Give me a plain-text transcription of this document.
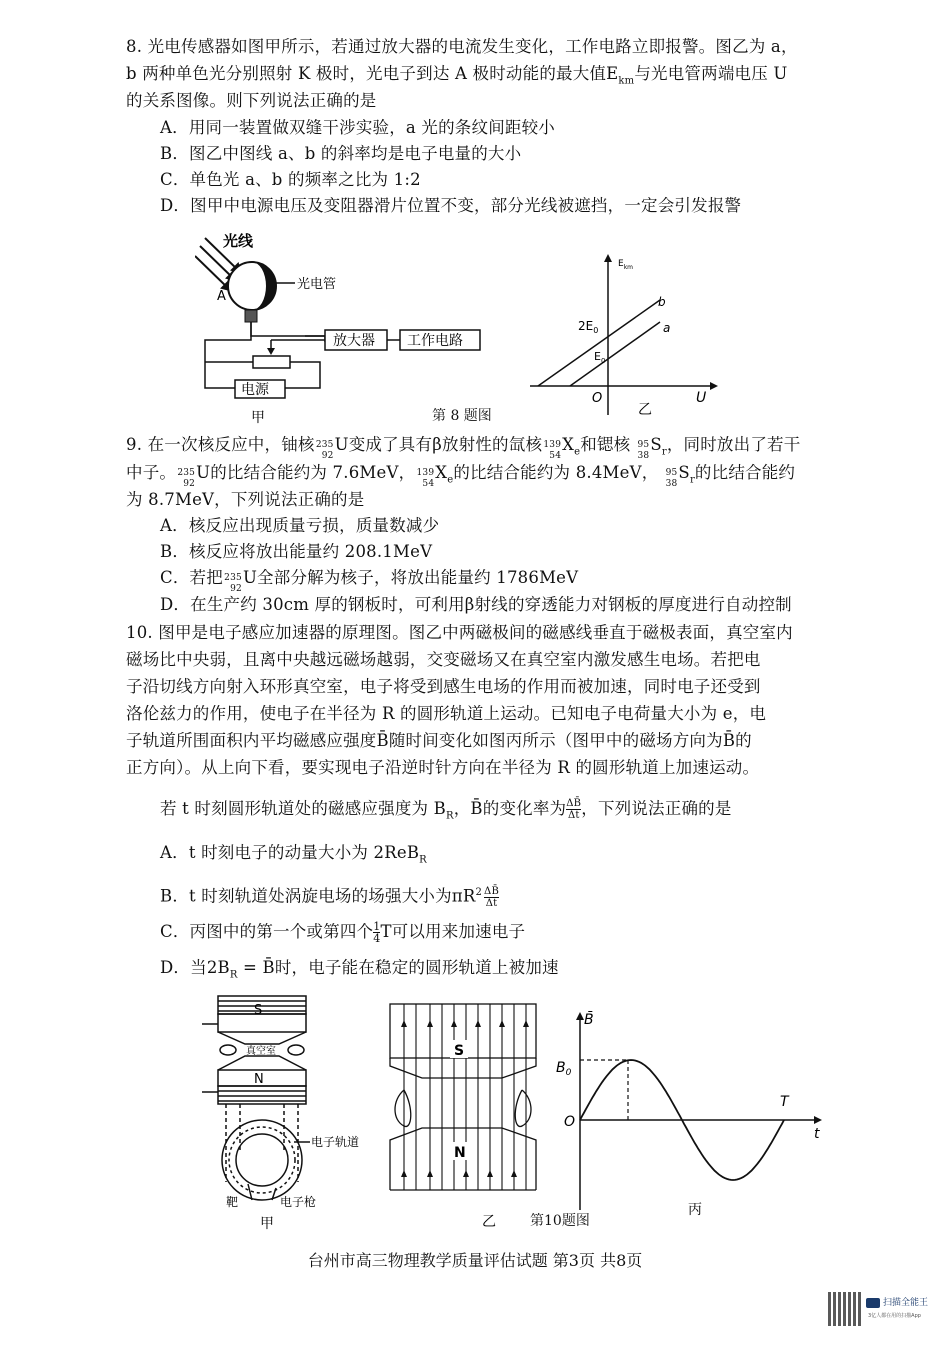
8. 光电传感器如图甲所示，若通过放大器的电流发生变化，工作电路立即报警。图乙为 a，
b 两种单色光分别照射 K 极时，光电子到达 A 极时动能的最大值$E_{km}$与光电管两端电压 U
的关系图像。则下列说法正确的是
A．用同一装置做双缝干涉实验，a 光的条纹间距较小
B．图乙中图线 a、b 的斜率均是电子电量的大小
C．单色光 a、b 的频率之比为 1:2
D．图甲中电源电压及变阻器滑片位置不变，部分光线被遮挡，一定会引发报警
光线
K
A
光电管
放大器 工作电路
电源
甲	第 8 题图
$E_{km}$
b
a
$2E_0$
$E_0$
O	U
乙
9. 在一次核反应中，铀核 235
92
U变成了具有β放射性的氙核 139
54
$X_e$和锶核 95
38
$S_r$，同时放出了若干
中子。 235
92
U的比结合能约为 7.6MeV， 139
54
$X_e$的比结合能约为 8.4MeV， 95
38
$S_r$的比结合能约
为 8.7MeV，下列说法正确的是
A．核反应出现质量亏损，质量数减少
B．核反应将放出能量约 208.1MeV
C．若把 235
92
U全部分解为核子，将放出能量约 1786MeV
D．在生产约 30cm 厚的钢板时，可利用β射线的穿透能力对钢板的厚度进行自动控制
10. 图甲是电子感应加速器的原理图。图乙中两磁极间的磁感线垂直于磁极表面，真空室内
磁场比中央弱，且离中央越远磁场越弱，交变磁场又在真空室内激发感生电场。若把电
子沿切线方向射入环形真空室，电子将受到感生电场的作用而被加速，同时电子还受到
洛伦兹力的作用，使电子在半径为 R 的圆形轨道上运动。已知电子电荷量大小为 e，电
子轨道所围面积内平均磁感应强度B̄随时间变化如图丙所示（图甲中的磁场方向为B̄的
正方向）。从上向下看，要实现电子沿逆时针方向在半径为 R 的圆形轨道上加速运动。
若 t 时刻圆形轨道处的磁感应强度为 $B_R$，B̄的变化率为 $\frac{\Delta B̄}{\Delta t}$ ，下列说法正确的是
A．t 时刻电子的动量大小为 2ReB$_R$
B．t 时刻轨道处涡旋电场的场强大小为$\pi R^2 \frac{\Delta B̄}{\Delta t}$
C．丙图中的第一个或第四个 $\frac{1}{4}$ T可以用来加速电子
D．当$2B_R$ = B̄时，电子能在稳定的圆形轨道上被加速
S
真空室
N
电子轨道
靶	电子枪
甲
S
N
乙 第10题图
B̄
$B_0$
O
T
t
丙
台州市高三物理教学质量评估试题 第3页 共8页
扫描全能王
3亿人都在用的扫描App
